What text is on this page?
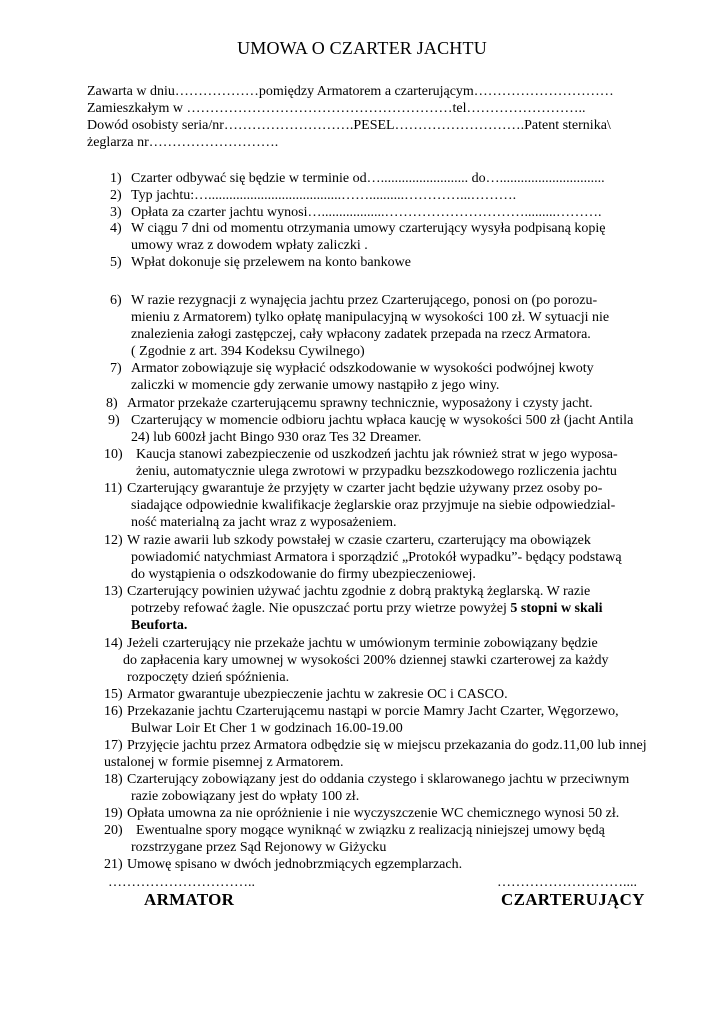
UMOWA O CZARTER JACHTU
Zawarta w dniu………………pomiędzy Armatorem a czarterującym…………………………
Zamieszkałym w …………………………………………………tel……………………..
Dowód osobisty seria/nr……………………….PESEL……………………….Patent sternika\
żeglarza nr……………………….
1) Czarter odbywać się będzie w terminie od…......................... do…..............................
2) Typ jachtu:…......................................……..........…………...……….
3) Opłata za czarter jachtu wynosi…..................………………………….........……….
4) W ciągu 7 dni od momentu otrzymania umowy czarterujący wysyła podpisaną kopię
umowy wraz z dowodem wpłaty zaliczki .
5) Wpłat dokonuje się przelewem na konto bankowe
6) W razie rezygnacji z wynajęcia jachtu przez Czarterującego, ponosi on (po porozu-
mieniu z Armatorem) tylko opłatę manipulacyjną w wysokości 100 zł. W sytuacji nie
znalezienia załogi zastępczej, cały wpłacony zadatek przepada na rzecz Armatora.
( Zgodnie z art. 394 Kodeksu Cywilnego)
7) Armator zobowiązuje się wypłacić odszkodowanie w wysokości podwójnej kwoty
zaliczki w momencie gdy zerwanie umowy nastąpiło z jego winy.
8) Armator przekaże czarterującemu sprawny technicznie, wyposażony i czysty jacht.
9) Czarterujący w momencie odbioru jachtu wpłaca kaucję w wysokości 500 zł (jacht Antila
24) lub 600zł jacht Bingo 930 oraz Tes 32 Dreamer.
10) Kaucja stanowi zabezpieczenie od uszkodzeń jachtu jak również strat w jego wyposa-
żeniu, automatycznie ulega zwrotowi w przypadku bezszkodowego rozliczenia jachtu
11) Czarterujący gwarantuje że przyjęty w czarter jacht będzie używany przez osoby po-
siadające odpowiednie kwalifikacje żeglarskie oraz przyjmuje na siebie odpowiedzial-
ność materialną za jacht wraz z wyposażeniem.
12) W razie awarii lub szkody powstałej w czasie czarteru, czarterujący ma obowiązek
powiadomić natychmiast Armatora i sporządzić „Protokół wypadku”- będący podstawą
do wystąpienia o odszkodowanie do firmy ubezpieczeniowej.
13) Czarterujący powinien używać jachtu zgodnie z dobrą praktyką żeglarską. W razie
potrzeby refować żagle. Nie opuszczać portu przy wietrze powyżej 5 stopni w skali
Beuforta.
14) Jeżeli czarterujący nie przekaże jachtu w umówionym terminie zobowiązany będzie
do zapłacenia kary umownej w wysokości 200% dziennej stawki czarterowej za każdy
rozpoczęty dzień spóźnienia.
15) Armator gwarantuje ubezpieczenie jachtu w zakresie OC i CASCO.
16) Przekazanie jachtu Czarterującemu nastąpi w porcie Mamry Jacht Czarter, Węgorzewo,
Bulwar Loir Et Cher 1 w godzinach 16.00-19.00
17) Przyjęcie jachtu przez Armatora odbędzie się w miejscu przekazania do godz.11,00 lub innej
ustalonej w formie pisemnej z Armatorem.
18) Czarterujący zobowiązany jest do oddania czystego i sklarowanego jachtu w przeciwnym
razie zobowiązany jest do wpłaty 100 zł.
19) Opłata umowna za nie opróżnienie i nie wyczyszczenie WC chemicznego wynosi 50 zł.
20) Ewentualne spory mogące wyniknąć w związku z realizacją niniejszej umowy będą
rozstrzygane przez Sąd Rejonowy w Giżycku
21) Umowę spisano w dwóch jednobrzmiących egzemplarzach.
…………………………..
ARMATOR
………………………....
CZARTERUJĄCY
